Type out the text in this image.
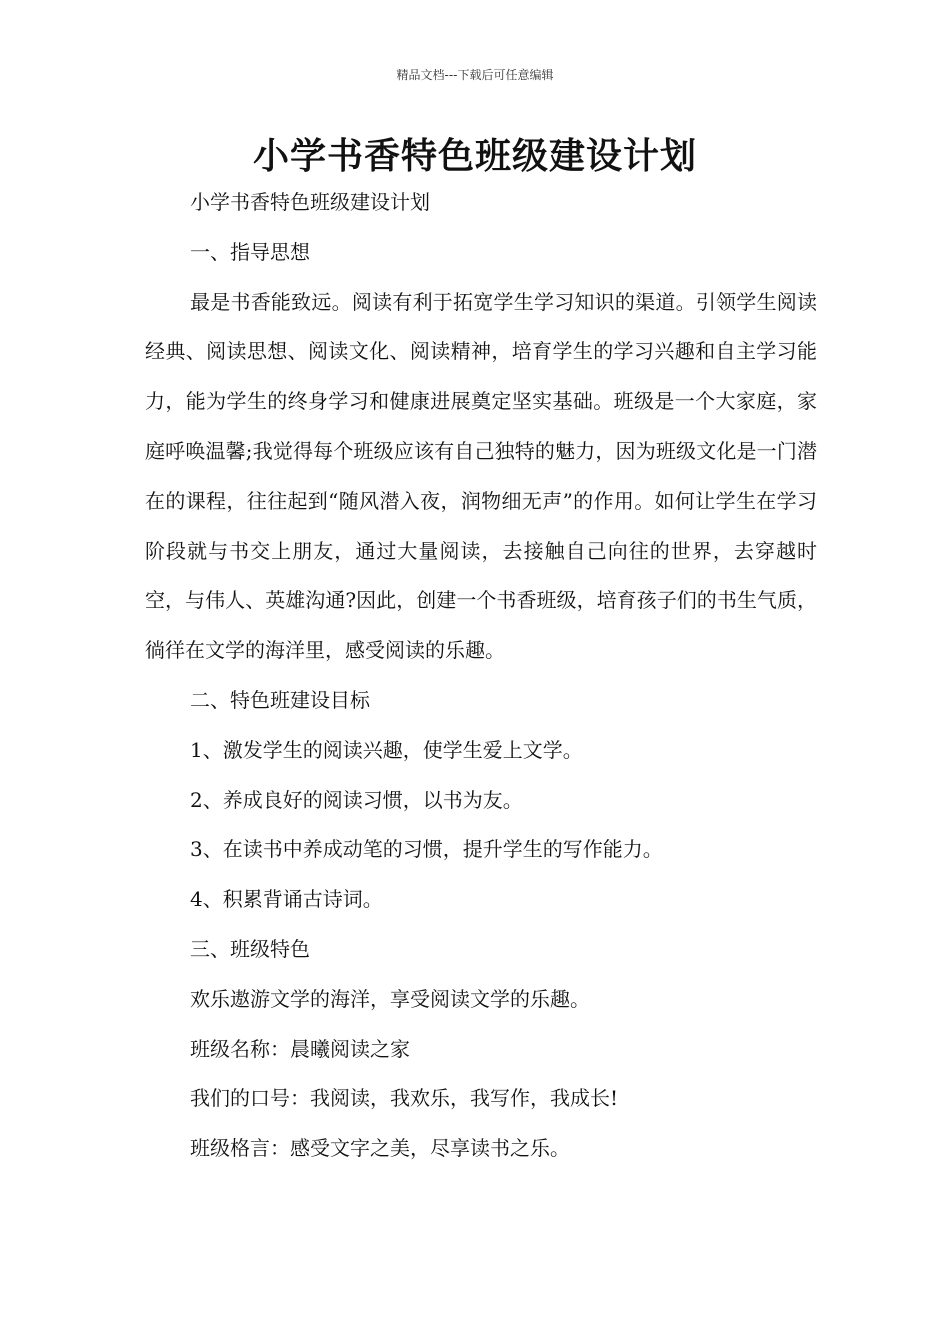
精品文档---下载后可任意编辑
小学书香特色班级建设计划

小学书香特色班级建设计划

一、指导思想

最是书香能致远。阅读有利于拓宽学生学习知识的渠道。引领学生阅读经典、阅读思想、阅读文化、阅读精神，培育学生的学习兴趣和自主学习能力，能为学生的终身学习和健康进展奠定坚实基础。班级是一个大家庭，家庭呼唤温馨;我觉得每个班级应该有自己独特的魅力，因为班级文化是一门潜在的课程，往往起到“随风潜入夜，润物细无声”的作用。如何让学生在学习阶段就与书交上朋友，通过大量阅读，去接触自己向往的世界，去穿越时空，与伟人、英雄沟通?因此，创建一个书香班级，培育孩子们的书生气质，徜徉在文学的海洋里，感受阅读的乐趣。

二、特色班建设目标

1、激发学生的阅读兴趣，使学生爱上文学。

2、养成良好的阅读习惯，以书为友。

3、在读书中养成动笔的习惯，提升学生的写作能力。

4、积累背诵古诗词。

三、班级特色

欢乐遨游文学的海洋，享受阅读文学的乐趣。

班级名称：晨曦阅读之家

我们的口号：我阅读，我欢乐，我写作，我成长!

班级格言：感受文字之美，尽享读书之乐。
